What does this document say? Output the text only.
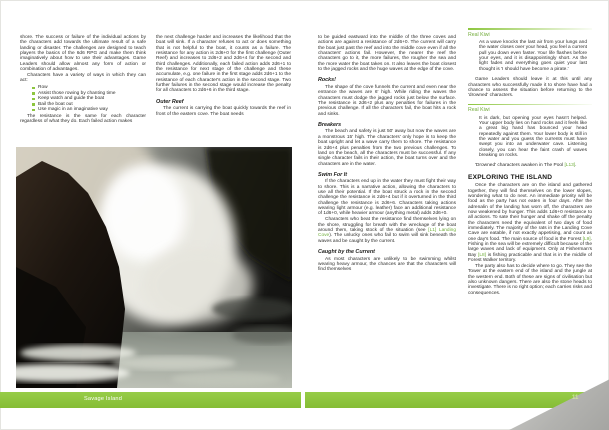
shore. The success or failure of the individual actions by the characters add towards the ultimate result of a safe landing or disaster. The challenges are designed to teach players the basics of the 6d6 RPG and make them think imaginatively about how to use their advantages. Game Leaders should allow almost any form of action or combination of advantages.

Characters have a variety of ways in which they can act:

Row
Assist those rowing by chanting time
Keep watch and guide the boat
Bail the boat out
Use magic in an imaginative way

The resistance is the same for each character regardless of what they do. Each failed action makes

the next challenge harder and increases the likelihood that the boat will sink. If a character refuses to act or does something that is not helpful to the boat, it counts as a failure. The resistance for any action is 2d6+0 for the first challenge (Outer Reef) and increases to 2d6+2 and 2d6+4 for the second and third challenges. Additionally, each failed action adds 2d6+1 to the resistance for next stage of the challenge and these accumulate, e.g. one failure in the first stage adds 2d6+1 to the resistance of each character's action in the second stage. Two further failures in the second stage would increase the penalty for all characters to 2d6+6 in the third stage.

Outer Reef

The current is carrying the boat quickly towards the reef in front of the eastern cove. The boat needs

to be guided eastward into the middle of the three coves and actions are against a resistance of 2d6+0. The current will carry the boat just past the reef and into the middle cove even if all the characters' actions fail. However, the nearer the reef the characters go to it, the more failures, the rougher the sea and the more water the boat takes on. It also leaves the boat closest to the jagged rocks and the huge waves at the edge of the cove.

Rocks!

The shape of the cove funnels the current and even near the entrance the waves are 6' high. While riding the waves the characters must dodge the jagged rocks just below the surface. The resistance is 2d6+2 plus any penalties for failures in the previous challenge. If all the characters fail, the boat hits a rock and sinks.

Breakers

The beach and safety is just 50' away but now the waves are a monstrous 15' high. The characters' only hope is to keep the boat upright and let a wave carry them to shore. The resistance is 2d6+4 plus penalties from the two previous challenges. To land on the beach, all the characters must be successful. If any single character fails in their action, the boat turns over and the characters are in the water.

Swim For It

If the characters end up in the water they must fight their way to shore. This is a narrative action, allowing the characters to use all their potential. If the boat struck a rock in the second challenge the resistance is 2d6+4 but if it overturned in the third challenge the resistance is 2d6+6. Characters taking actions wearing light armour (e.g. leather) face an additional resistance of 1d6+0, while heavier armour (anything metal) adds 2d6+0.

Characters who beat the resistance find themselves lying on the shore, struggling for breath with the wreckage of the boat around them, taking stock of the situation (see [L1] Landing Cove). The unlucky ones who fail to swim will sink beneath the waves and be caught by the current.

Caught by the Current

As most characters are unlikely to be swimming whilst wearing heavy armour, the chances are that the characters will find themselves

Real Kiwi

As a wave knocks the last air from your lungs and the water closes over your head, you feel a current pull you down even faster. Your life flashes before your eyes, and it is disappointingly short. As the light fades and everything goes quiet your last thought is 'I should have become a pirate.'

Game Leaders should leave it at this until any characters who successfully made it to shore have had a chance to assess the situation before returning to the 'drowned' characters.

Real Kiwi

It is dark, but opening your eyes hasn't helped. Your upper body lies on hard rocks and it feels like a great big hand has bounced your head repeatedly against them. Your lower body is still in the water and you guess the currents must have swept you into an underwater cave. Listening closely, you can hear the faint crash of waves breaking on rocks.

'Drowned' characters awaken in The Pool [L13].

EXPLORING THE ISLAND

Once the characters are on the island and gathered together, they will find themselves on the lower slopes, wondering what to do next. An immediate priority will be food as the party has not eaten in four days. After the adrenalin of the landing has worn off, the characters are now weakened by hunger. This adds 1d6+0 resistance to all actions. To sate their hunger and shake off the penalty the characters need the equivalent of two days of food immediately. The majority of the rats in the Landing Cove Cave are eatable, if not exactly appetising, and count as one day's food. The main source of food is the Forest [L9]. Fishing in the sea will be extremely difficult because of the large waves and lack of equipment. Only at Fisherman's Bay [L8] is fishing practicable and that is in the middle of Forest Walker territory.

The party also has to decide where to go. They see the Tower at the eastern end of the island and the jungle at the western end. Both of these are signs of civilisation but also unknown dangers. There are also the stone heads to investigate. There is no right option; each carries risks and consequences.

Savage Island	11
